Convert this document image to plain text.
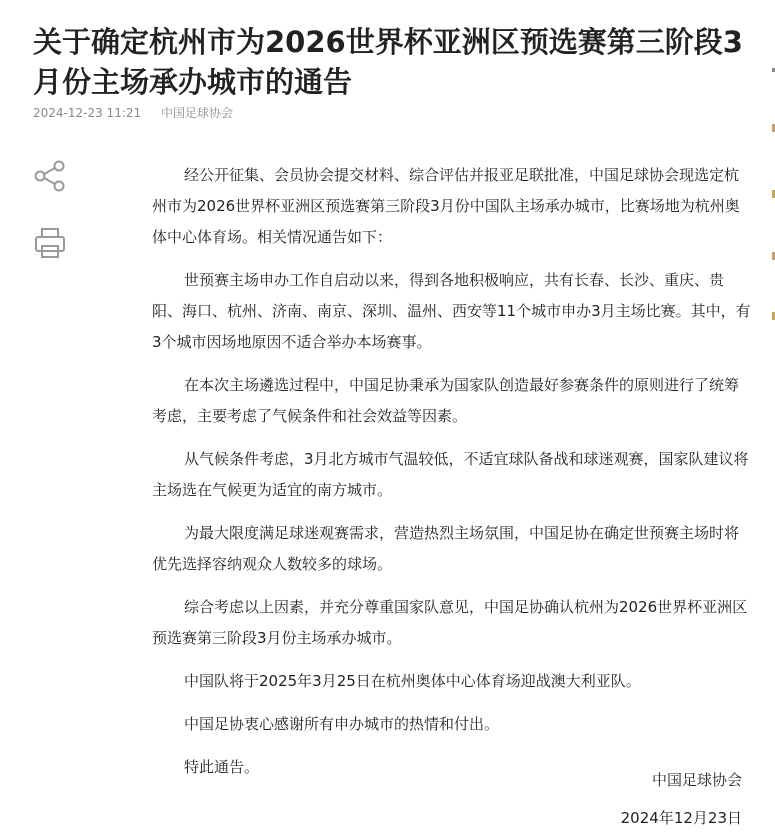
关于确定杭州市为2026世界杯亚洲区预选赛第三阶段3月份主场承办城市的通告
2024-12-23 11:21 中国足球协会

经公开征集、会员协会提交材料、综合评估并报亚足联批准，中国足球协会现选定杭州市为2026世界杯亚洲区预选赛第三阶段3月份中国队主场承办城市，比赛场地为杭州奥体中心体育场。相关情况通告如下：

世预赛主场申办工作自启动以来，得到各地积极响应，共有长春、长沙、重庆、贵阳、海口、杭州、济南、南京、深圳、温州、西安等11个城市申办3月主场比赛。其中，有3个城市因场地原因不适合举办本场赛事。

在本次主场遴选过程中，中国足协秉承为国家队创造最好参赛条件的原则进行了统筹考虑，主要考虑了气候条件和社会效益等因素。

从气候条件考虑，3月北方城市气温较低，不适宜球队备战和球迷观赛，国家队建议将主场选在气候更为适宜的南方城市。

为最大限度满足球迷观赛需求，营造热烈主场氛围，中国足协在确定世预赛主场时将优先选择容纳观众人数较多的球场。

综合考虑以上因素，并充分尊重国家队意见，中国足协确认杭州为2026世界杯亚洲区预选赛第三阶段3月份主场承办城市。

中国队将于2025年3月25日在杭州奥体中心体育场迎战澳大利亚队。

中国足协衷心感谢所有申办城市的热情和付出。

特此通告。

中国足球协会
2024年12月23日
